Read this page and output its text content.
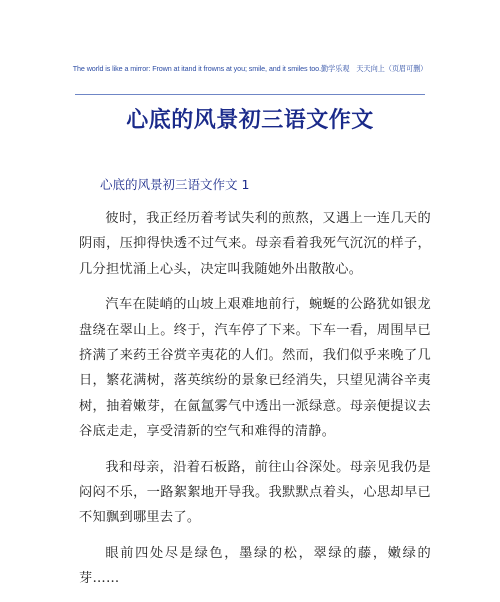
The world is like a mirror: Frown at itand it frowns at you; smile, and it smiles too.勤学乐观　天天向上（页眉可删）
心底的风景初三语文作文
心底的风景初三语文作文 1

彼时，我正经历着考试失利的煎熬，又遇上一连几天的阴雨，压抑得快透不过气来。母亲看着我死气沉沉的样子，几分担忧涌上心头，决定叫我随她外出散散心。

汽车在陡峭的山坡上艰难地前行，蜿蜒的公路犹如银龙盘绕在翠山上。终于，汽车停了下来。下车一看，周围早已挤满了来药王谷赏辛夷花的人们。然而，我们似乎来晚了几日，繁花满树，落英缤纷的景象已经消失，只望见满谷辛夷树，抽着嫩芽，在氤氲雾气中透出一派绿意。母亲便提议去谷底走走，享受清新的空气和难得的清静。

我和母亲，沿着石板路，前往山谷深处。母亲见我仍是闷闷不乐，一路絮絮地开导我。我默默点着头，心思却早已不知飘到哪里去了。

眼前四处尽是绿色，墨绿的松，翠绿的藤，嫩绿的芽……
